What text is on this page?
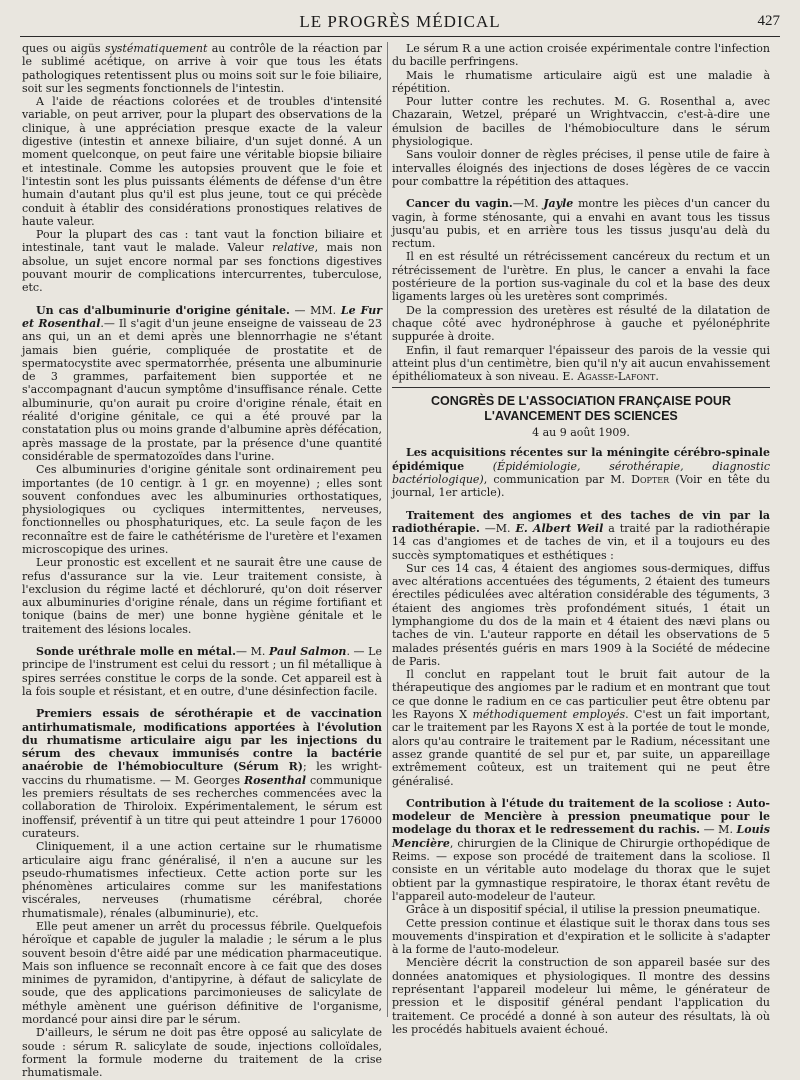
LE PROGRÈS MÉDICAL	427

ques ou aigüs systématiquement au contrôle de la réaction par le sublimé acétique, on arrive à voir que tous les états pathologiques retentissent plus ou moins soit sur le foie biliaire, soit sur les segments fonctionnels de l'intestin.

A l'aide de réactions colorées et de troubles d'intensité variable, on peut arriver, pour la plupart des observations de la clinique, à une appréciation presque exacte de la valeur digestive (intestin et annexe biliaire, d'un sujet donné. A un moment quelconque, on peut faire une véritable biopsie biliaire et intestinale. Comme les autopsies prouvent que le foie et l'intestin sont les plus puissants éléments de défense d'un être humain d'autant plus qu'il est plus jeune, tout ce qui précède conduit à établir des considérations pronostiques relatives de haute valeur.

Pour la plupart des cas : tant vaut la fonction biliaire et intestinale, tant vaut le malade. Valeur relative, mais non absolue, un sujet encore normal par ses fonctions digestives pouvant mourir de complications intercurrentes, tuberculose, etc.

Un cas d'albuminurie d'origine génitale. — MM. Le Fur et Rosenthal.— Il s'agit d'un jeune enseigne de vaisseau de 23 ans qui, un an et demi après une blennorrhagie ne s'étant jamais bien guérie, compliquée de prostatite et de spermatocystite avec spermatorrhée, présenta une albuminurie de 3 grammes, parfaitement bien supportée et ne s'accompagnant d'aucun symptôme d'insuffisance rénale. Cette albuminurie, qu'on aurait pu croire d'origine rénale, était en réalité d'origine génitale, ce qui a été prouvé par la constatation plus ou moins grande d'albumine après défécation, après massage de la prostate, par la présence d'une quantité considérable de spermatozoïdes dans l'urine.

Ces albuminuries d'origine génitale sont ordinairement peu importantes (de 10 centigr. à 1 gr. en moyenne) ; elles sont souvent confondues avec les albuminuries orthostatiques, physiologiques ou cycliques intermittentes, nerveuses, fonctionnelles ou phosphaturiques, etc. La seule façon de les reconnaître est de faire le cathétérisme de l'uretère et l'examen microscopique des urines.

Leur pronostic est excellent et ne saurait être une cause de refus d'assurance sur la vie. Leur traitement consiste, à l'exclusion du régime lacté et déchloruré, qu'on doit réserver aux albuminuries d'origine rénale, dans un régime fortifiant et tonique (bains de mer) une bonne hygiène génitale et le traitement des lésions locales.

Sonde uréthrale molle en métal.— M. Paul Salmon. — Le principe de l'instrument est celui du ressort ; un fil métallique à spires serrées constitue le corps de la sonde. Cet appareil est à la fois souple et résistant, et en outre, d'une désinfection facile.

Premiers essais de sérothérapie et de vaccination antirhumatismale, modifications apportées à l'évolution du rhumatisme articulaire aigu par les injections du sérum des chevaux immunisés contre la bactérie anaérobie de l'hémobioculture (Sérum R); les wright-vaccins du rhumatisme. — M. Georges Rosenthal communique les premiers résultats de ses recherches commencées avec la collaboration de Thiroloix. Expérimentalement, le sérum est inoffensif, préventif à un titre qui peut atteindre 1 pour 176000 curateurs.

Cliniquement, il a une action certaine sur le rhumatisme articulaire aigu franc généralisé, il n'en a aucune sur les pseudo-rhumatismes infectieux. Cette action porte sur les phénomènes articulaires comme sur les manifestations viscérales, nerveuses (rhumatisme cérébral, chorée rhumatismale), rénales (albuminurie), etc.

Elle peut amener un arrêt du processus fébrile. Quelquefois héroïque et capable de juguler la maladie ; le sérum a le plus souvent besoin d'être aidé par une médication pharmaceutique. Mais son influence se reconnaît encore à ce fait que des doses minimes de pyramidon, d'antipyrine, à défaut de salicylate de soude, que des applications parcimonieuses de salicylate de méthyle amènent une guérison définitive de l'organisme, mordancé pour ainsi dire par le sérum.

D'ailleurs, le sérum ne doit pas être opposé au salicylate de soude : sérum R. salicylate de soude, injections colloïdales, forment la formule moderne du traitement de la crise rhumatismale.

Le sérum R a une action croisée expérimentale contre l'infection du bacille perfringens.

Mais le rhumatisme articulaire aigü est une maladie à répétition.

Pour lutter contre les rechutes. M. G. Rosenthal a, avec Chazarain, Wetzel, préparé un Wrightvaccin, c'est-à-dire une émulsion de bacilles de l'hémobioculture dans le sérum physiologique.

Sans vouloir donner de règles précises, il pense utile de faire à intervalles éloignés des injections de doses légères de ce vaccin pour combattre la répétition des attaques.

Cancer du vagin.—M. Jayle montre les pièces d'un cancer du vagin, à forme sténosante, qui a envahi en avant tous les tissus jusqu'au pubis, et en arrière tous les tissus jusqu'au delà du rectum.

Il en est résulté un rétrécissement cancéreux du rectum et un rétrécissement de l'urètre. En plus, le cancer a envahi la face postérieure de la portion sus-vaginale du col et la base des deux ligaments larges où les uretères sont comprimés.

De la compression des uretères est résulté de la dilatation de chaque côté avec hydronéphrose à gauche et pyélonéphrite suppurée à droite.

Enfin, il faut remarquer l'épaisseur des parois de la vessie qui atteint plus d'un centimètre, bien qu'il n'y ait aucun envahissement épithéliomateux à son niveau. E. Agasse-Lafont.

CONGRÈS DE L'ASSOCIATION FRANÇAISE POUR L'AVANCEMENT DES SCIENCES
4 au 9 août 1909.

Les acquisitions récentes sur la méningite cérébro-spinale épidémique (Épidémiologie, sérothérapie, diagnostic bactériologique), communication par M. Dopter (Voir en tête du journal, 1er article).

Traitement des angiomes et des taches de vin par la radiothérapie. —M. E. Albert Weil a traité par la radiothérapie 14 cas d'angiomes et de taches de vin, et il a toujours eu des succès symptomatiques et esthétiques :

Sur ces 14 cas, 4 étaient des angiomes sous-dermiques, diffus avec altérations accentuées des téguments, 2 étaient des tumeurs érectiles pédiculées avec altération considérable des téguments, 3 étaient des angiomes très profondément situés, 1 était un lymphangiome du dos de la main et 4 étaient des nævi plans ou taches de vin. L'auteur rapporte en détail les observations de 5 malades présentés guéris en mars 1909 à la Société de médecine de Paris.

Il conclut en rappelant tout le bruit fait autour de la thérapeutique des angiomes par le radium et en montrant que tout ce que donne le radium en ce cas particulier peut être obtenu par les Rayons X méthodiquement employés. C'est un fait important, car le traitement par les Rayons X est à la portée de tout le monde, alors qu'au contraire le traitement par le Radium, nécessitant une assez grande quantité de sel pur et, par suite, un appareillage extrêmement coûteux, est un traitement qui ne peut être généralisé.

Contribution à l'étude du traitement de la scoliose : Auto-modeleur de Mencière à pression pneumatique pour le modelage du thorax et le redressement du rachis. — M. Louis Mencière, chirurgien de la Clinique de Chirurgie orthopédique de Reims. — expose son procédé de traitement dans la scoliose. Il consiste en un véritable auto modelage du thorax que le sujet obtient par la gymnastique respiratoire, le thorax étant revêtu de l'appareil auto-modeleur de l'auteur.

Grâce à un dispositif spécial, il utilise la pression pneumatique.

Cette pression continue et élastique suit le thorax dans tous ses mouvements d'inspiration et d'expiration et le sollicite à s'adapter à la forme de l'auto-modeleur.

Mencière décrit la construction de son appareil basée sur des données anatomiques et physiologiques. Il montre des dessins représentant l'appareil modeleur lui même, le générateur de pression et le dispositif général pendant l'application du traitement. Ce procédé a donné à son auteur des résultats, là où les procédés habituels avaient échoué.
